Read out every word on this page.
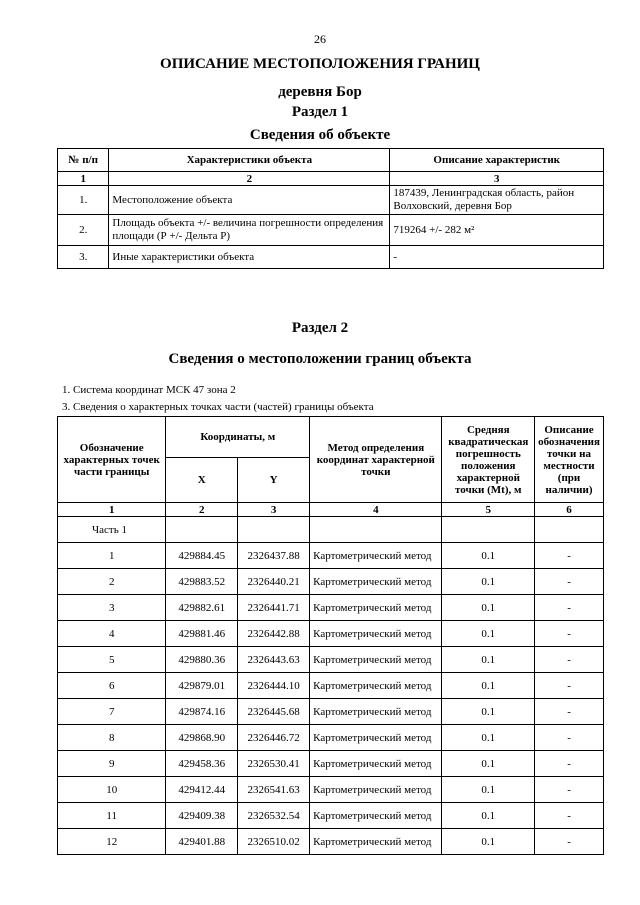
26
ОПИСАНИЕ МЕСТОПОЛОЖЕНИЯ ГРАНИЦ
деревня Бор
Раздел 1
Сведения об объекте
№ п/п	Характеристики объекта	Описание характеристик
1	2	3
1.	Местоположение объекта	187439, Ленинградская область, район Волховский, деревня Бор
2.	Площадь объекта +/- величина погрешности определения площади (Р +/- Дельта Р)	719264 +/- 282 м²
3.	Иные характеристики объекта	-
Раздел 2
Сведения о местоположении границ объекта
1. Система координат МСК 47 зона 2
3. Сведения о характерных точках части (частей) границы объекта
Обозначение характерных точек части границы	Координаты, м		Метод определения координат характерной точки	Средняя квадратическая погрешность положения характерной точки (Mt), м	Описание обозначения точки на местности (при наличии)
	X	Y			
1	2	3	4	5	6
Часть 1					
1	429884.45	2326437.88	Картометрический метод	0.1	-
2	429883.52	2326440.21	Картометрический метод	0.1	-
3	429882.61	2326441.71	Картометрический метод	0.1	-
4	429881.46	2326442.88	Картометрический метод	0.1	-
5	429880.36	2326443.63	Картометрический метод	0.1	-
6	429879.01	2326444.10	Картометрический метод	0.1	-
7	429874.16	2326445.68	Картометрический метод	0.1	-
8	429868.90	2326446.72	Картометрический метод	0.1	-
9	429458.36	2326530.41	Картометрический метод	0.1	-
10	429412.44	2326541.63	Картометрический метод	0.1	-
11	429409.38	2326532.54	Картометрический метод	0.1	-
12	429401.88	2326510.02	Картометрический метод	0.1	-
